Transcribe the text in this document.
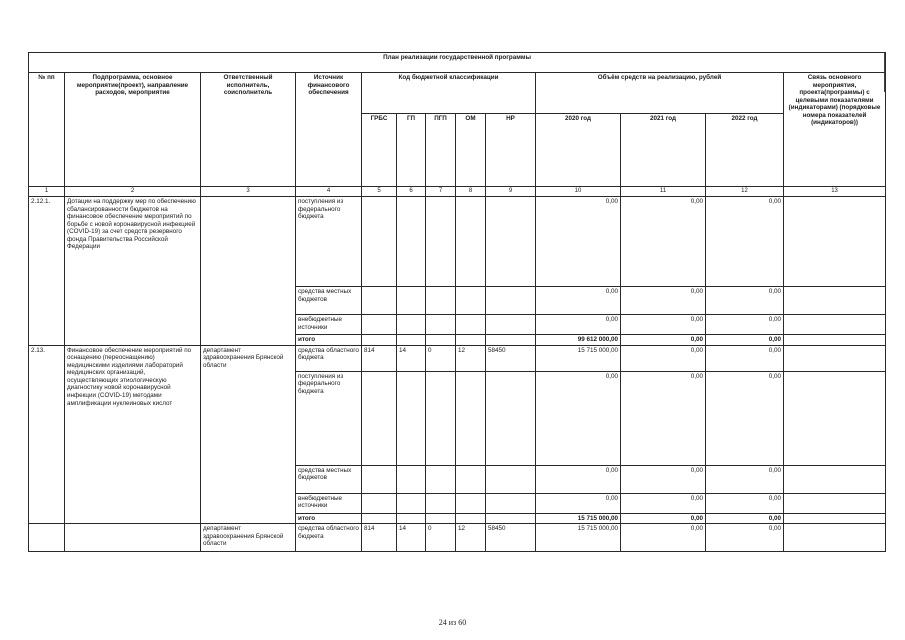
План реализации государственной программы												
№ пп	Подпрограмма, основное мероприятие(проект), направление расходов, мероприятие	Ответственный исполнитель, соисполнитель	Источник финансового обеспечения	Код бюджетной классификации					Объём средств на реализацию, рублей			Связь основного мероприятия, проекта(программы) с целевыми показателями (индикаторами) (порядковые номера показателей (индикаторов))
				ГРБС	ГП	ПГП	ОМ	НР	2020 год	2021 год	2022 год	
1	2	3	4	5	6	7	8	9	10	11	12	13
2.12.1.	Дотации на поддержку мер по обеспечению сбалансированности бюджетов на финансовое обеспечение мероприятий по борьбе с новой коронавирусной инфекцией (COVID-19) за счет средств резервного фонда Правительства Российской Федерации		поступления из федерального бюджета						0,00	0,00	0,00	
			средства местных бюджетов						0,00	0,00	0,00	
			внебюджетные источники						0,00	0,00	0,00	
			итого						99 612 000,00	0,00	0,00	
2.13.	Финансовое обеспечение мероприятий по оснащению (переоснащению) медицинскими изделиями лабораторий медицинских организаций, осуществляющих этиологическую диагностику новой коронавирусной инфекции (COVID-19) методами амплификации нуклеиновых кислот	департамент здравоохранения Брянской области	средства областного бюджета	814	14	0	12	58450	15 715 000,00	0,00	0,00	
			поступления из федерального бюджета						0,00	0,00	0,00	
			средства местных бюджетов						0,00	0,00	0,00	
			внебюджетные источники						0,00	0,00	0,00	
			итого						15 715 000,00	0,00	0,00	
		департамент здравоохранения Брянской области	средства областного бюджета	814	14	0	12	58450	15 715 000,00	0,00	0,00	
24 из 60
